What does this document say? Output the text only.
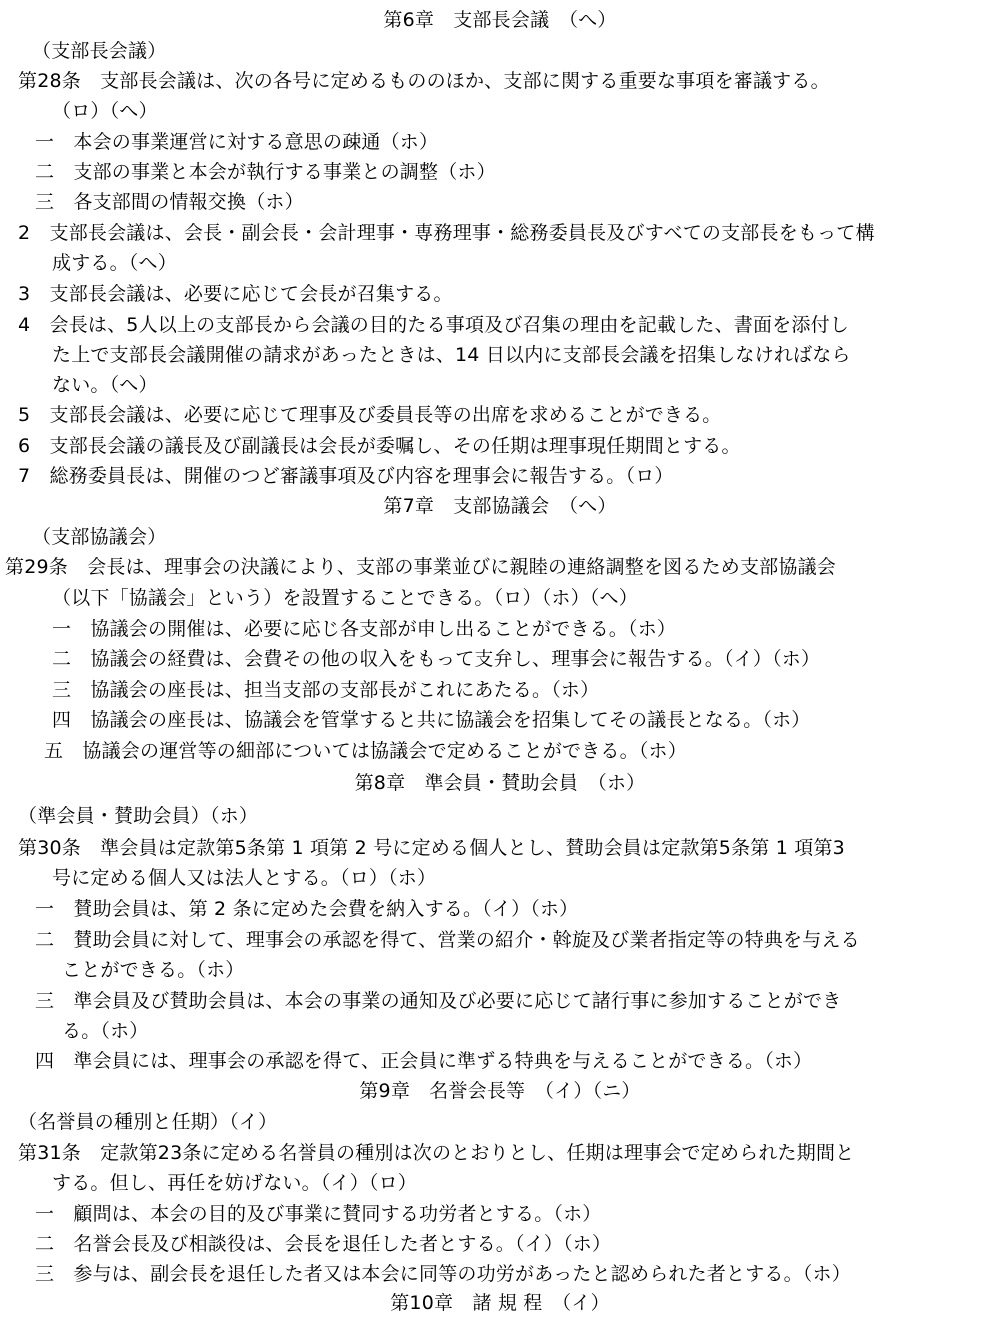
第6章　支部長会議　（へ）
（支部長会議）
第28条　支部長会議は、次の各号に定めるもののほか、支部に関する重要な事項を審議する。
（ロ）（へ）
一　本会の事業運営に対する意思の疎通（ホ）
二　支部の事業と本会が執行する事業との調整（ホ）
三　各支部間の情報交換（ホ）
2　支部長会議は、会長・副会長・会計理事・専務理事・総務委員長及びすべての支部長をもって構
成する。（へ）
3　支部長会議は、必要に応じて会長が召集する。
4　会長は、5人以上の支部長から会議の目的たる事項及び召集の理由を記載した、書面を添付し
た上で支部長会議開催の請求があったときは、14 日以内に支部長会議を招集しなければなら
ない。（へ）
5　支部長会議は、必要に応じて理事及び委員長等の出席を求めることができる。
6　支部長会議の議長及び副議長は会長が委嘱し、その任期は理事現任期間とする。
7　総務委員長は、開催のつど審議事項及び内容を理事会に報告する。（ロ）
第7章　支部協議会　（へ）
（支部協議会）
第29条　会長は、理事会の決議により、支部の事業並びに親睦の連絡調整を図るため支部協議会
（以下「協議会」という）を設置することできる。（ロ）（ホ）（へ）
一　協議会の開催は、必要に応じ各支部が申し出ることができる。（ホ）
二　協議会の経費は、会費その他の収入をもって支弁し、理事会に報告する。（イ）（ホ）
三　協議会の座長は、担当支部の支部長がこれにあたる。（ホ）
四　協議会の座長は、協議会を管掌すると共に協議会を招集してその議長となる。（ホ）
五　協議会の運営等の細部については協議会で定めることができる。（ホ）
第8章　準会員・賛助会員　（ホ）
（準会員・賛助会員）（ホ）
第30条　準会員は定款第5条第 1 項第 2 号に定める個人とし、賛助会員は定款第5条第 1 項第3
号に定める個人又は法人とする。（ロ）（ホ）
一　賛助会員は、第 2 条に定めた会費を納入する。（イ）（ホ）
二　賛助会員に対して、理事会の承認を得て、営業の紹介・斡旋及び業者指定等の特典を与える
ことができる。（ホ）
三　準会員及び賛助会員は、本会の事業の通知及び必要に応じて諸行事に参加することができ
る。（ホ）
四　準会員には、理事会の承認を得て、正会員に準ずる特典を与えることができる。（ホ）
第9章　名誉会長等　（イ）（ニ）
（名誉員の種別と任期）（イ）
第31条　定款第23条に定める名誉員の種別は次のとおりとし、任期は理事会で定められた期間と
する。但し、再任を妨げない。（イ）（ロ）
一　顧問は、本会の目的及び事業に賛同する功労者とする。（ホ）
二　名誉会長及び相談役は、会長を退任した者とする。（イ）（ホ）
三　参与は、副会長を退任した者又は本会に同等の功労があったと認められた者とする。（ホ）
第10章　諸 規 程　（イ）
